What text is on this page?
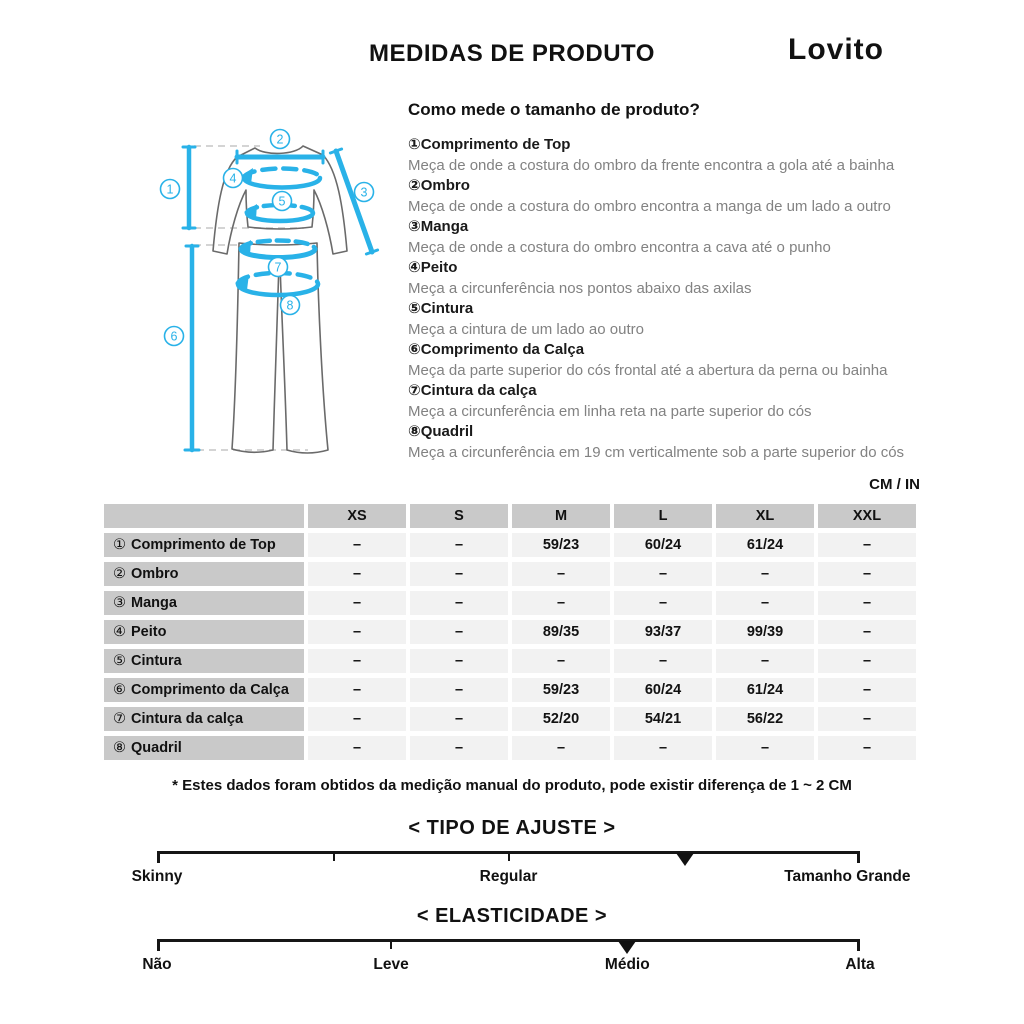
MEDIDAS DE PRODUTO	Lovito
1
2
3
4
5
6
7
8
Como mede o tamanho de produto?
①Comprimento de Top
Meça de onde a costura do ombro da frente encontra a gola até a bainha
②Ombro
Meça de onde a costura do ombro encontra a manga de um lado a outro
③Manga
Meça de onde a costura do ombro encontra a cava até o punho
④Peito
Meça a circunferência nos pontos abaixo das axilas
⑤Cintura
Meça a cintura de um lado ao outro
⑥Comprimento da Calça
Meça da parte superior do cós frontal até a abertura da perna ou bainha
⑦Cintura da calça
Meça a circunferência em linha reta na parte superior do cós
⑧Quadril
Meça a circunferência em 19 cm verticalmente sob a parte superior do cós
CM / IN
	XS	S	M	L	XL	XXL
① Comprimento de Top	–	–	59/23	60/24	61/24	–
② Ombro	–	–	–	–	–	–
③ Manga	–	–	–	–	–	–
④ Peito	–	–	89/35	93/37	99/39	–
⑤ Cintura	–	–	–	–	–	–
⑥ Comprimento da Calça	–	–	59/23	60/24	61/24	–
⑦ Cintura da calça	–	–	52/20	54/21	56/22	–
⑧ Quadril	–	–	–	–	–	–
* Estes dados foram obtidos da medição manual do produto, pode existir diferença de 1 ~ 2 CM
< TIPO DE AJUSTE >
Skinny	Regular	Tamanho Grande
< ELASTICIDADE >
Não	Leve	Médio	Alta
